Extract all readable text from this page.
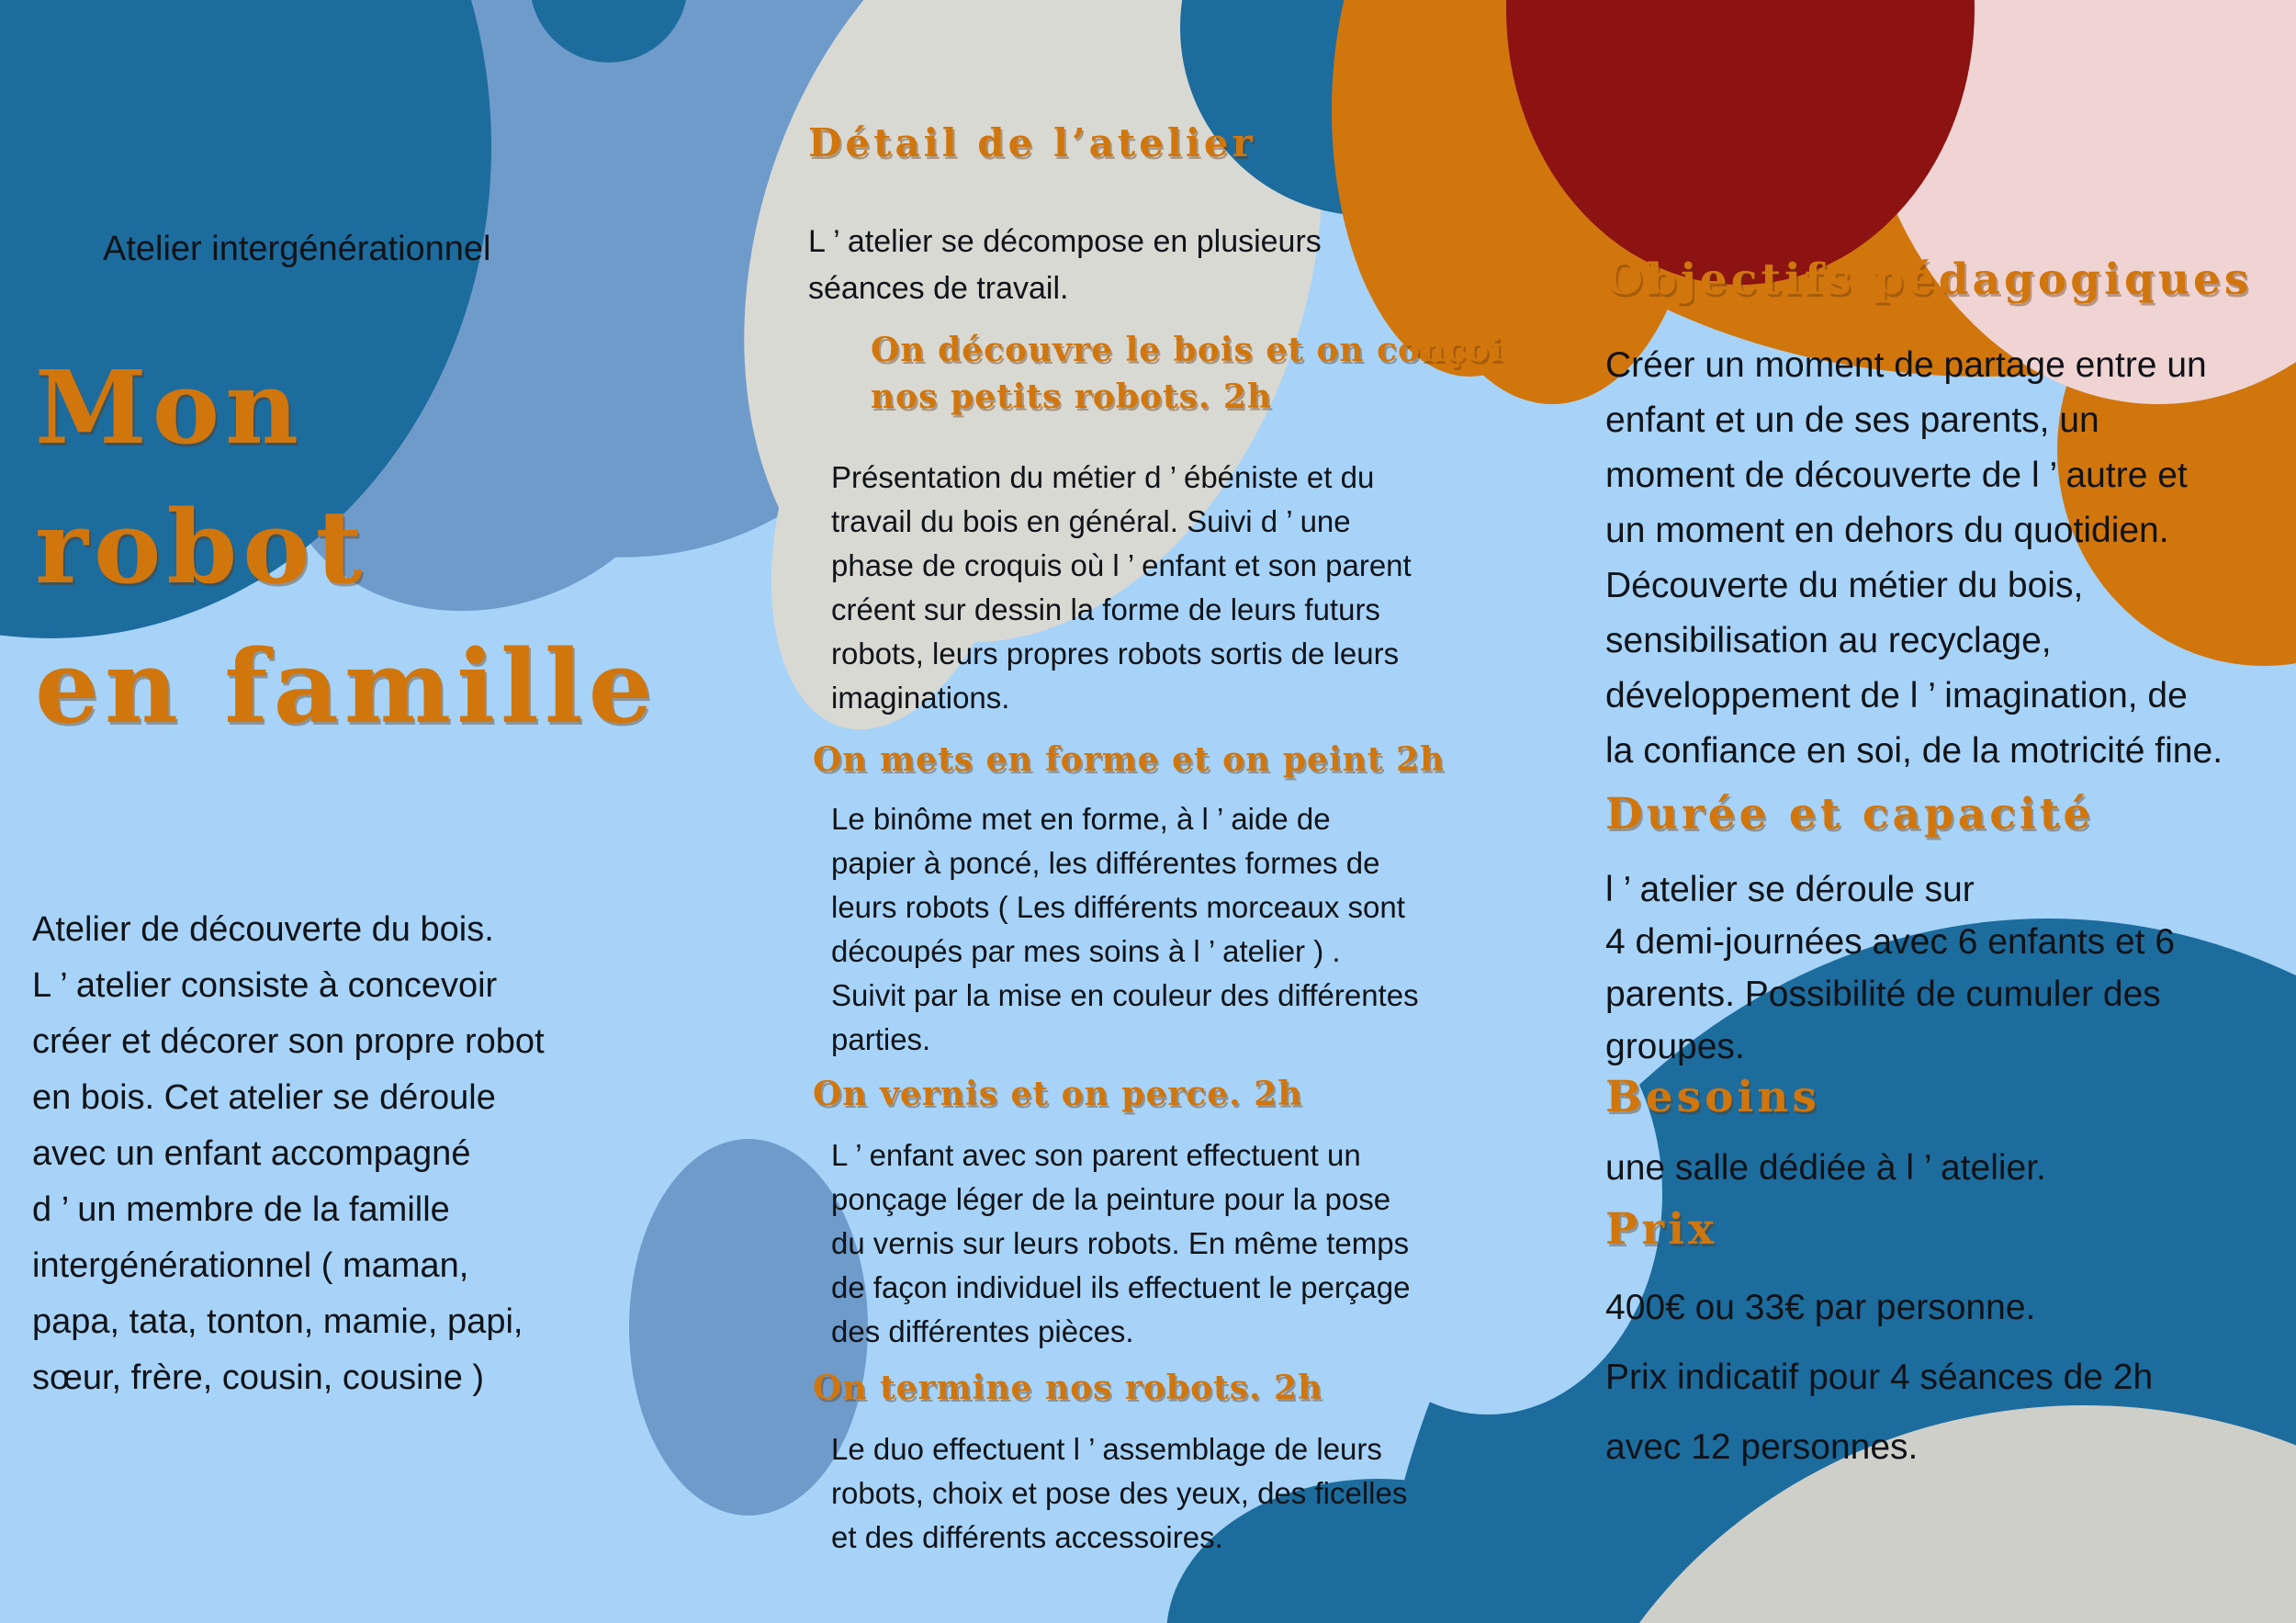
Atelier intergénérationnel
Mon
robot
en famille
Atelier de découverte du bois.
L ’ atelier consiste à concevoir
créer et décorer son propre robot
en bois. Cet atelier se déroule
avec un enfant accompagné
d ’ un membre de la famille
intergénérationnel ( maman,
papa, tata, tonton, mamie, papi,
sœur, frère, cousin, cousine )
Détail de l’atelier
L ’ atelier se décompose en plusieurs
séances de travail.
On découvre le bois et on conçoi
nos petits robots. 2h
Présentation du métier d ’ ébéniste et du
travail du bois en général. Suivi d ’ une
phase de croquis où l ’ enfant et son parent
créent sur dessin la forme de leurs futurs
robots, leurs propres robots sortis de leurs
imaginations.
On mets en forme et on peint 2h
Le binôme met en forme, à l ’ aide de
papier à poncé, les différentes formes de
leurs robots ( Les différents morceaux sont
découpés par mes soins à l ’ atelier ) .
Suivit par la mise en couleur des différentes
parties.
On vernis et on perce. 2h
L ’ enfant avec son parent effectuent un
ponçage léger de la peinture pour la pose
du vernis sur leurs robots. En même temps
de façon individuel ils effectuent le perçage
des différentes pièces.
On termine nos robots. 2h
Le duo effectuent l ’ assemblage de leurs
robots, choix et pose des yeux, des ficelles
et des différents accessoires.
Objectifs pédagogiques
Créer un moment de partage entre un
enfant et un de ses parents, un
moment de découverte de l ’ autre et
un moment en dehors du quotidien.
Découverte du métier du bois,
sensibilisation au recyclage,
développement de l ’ imagination, de
la confiance en soi, de la motricité fine.
Durée et capacité
l ’ atelier se déroule sur
4 demi-journées avec 6 enfants et 6
parents. Possibilité de cumuler des
groupes.
Besoins
une salle dédiée à l ’ atelier.
Prix
400€ ou 33€ par personne.
Prix indicatif pour 4 séances de 2h
avec 12 personnes.
